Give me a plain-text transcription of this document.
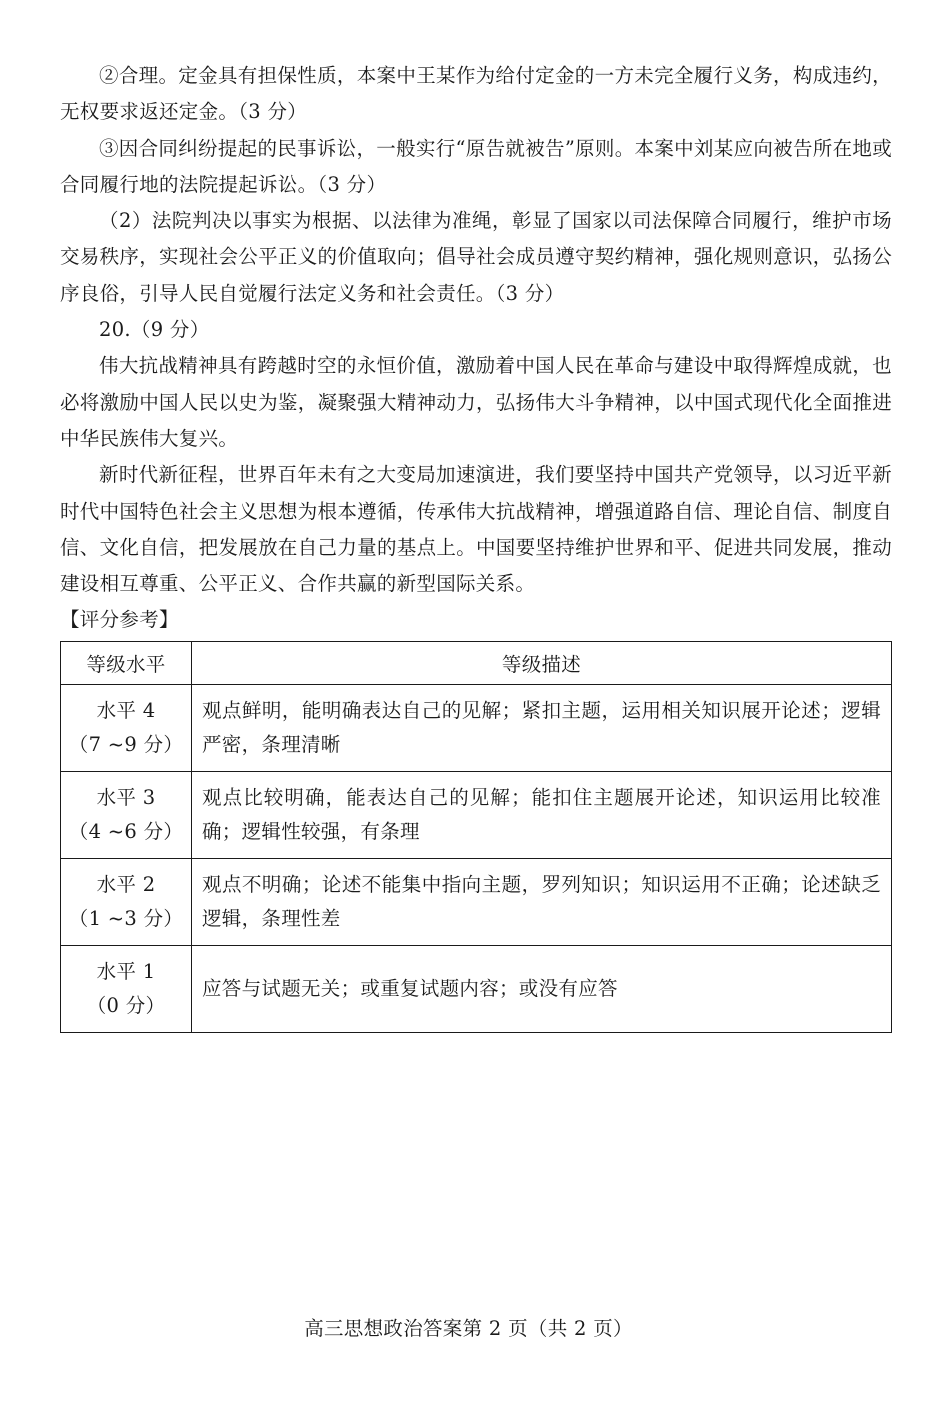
②合理。定金具有担保性质，本案中王某作为给付定金的一方未完全履行义务，构成违约，无权要求返还定金。（3 分）

③因合同纠纷提起的民事诉讼，一般实行“原告就被告”原则。本案中刘某应向被告所在地或合同履行地的法院提起诉讼。（3 分）

（2）法院判决以事实为根据、以法律为准绳，彰显了国家以司法保障合同履行，维护市场交易秩序，实现社会公平正义的价值取向；倡导社会成员遵守契约精神，强化规则意识，弘扬公序良俗，引导人民自觉履行法定义务和社会责任。（3 分）

20.（9 分）

伟大抗战精神具有跨越时空的永恒价值，激励着中国人民在革命与建设中取得辉煌成就，也必将激励中国人民以史为鉴，凝聚强大精神动力，弘扬伟大斗争精神，以中国式现代化全面推进中华民族伟大复兴。

新时代新征程，世界百年未有之大变局加速演进，我们要坚持中国共产党领导，以习近平新时代中国特色社会主义思想为根本遵循，传承伟大抗战精神，增强道路自信、理论自信、制度自信、文化自信，把发展放在自己力量的基点上。中国要坚持维护世界和平、促进共同发展，推动建设相互尊重、公平正义、合作共赢的新型国际关系。

【评分参考】

等级水平	等级描述

水平 4
（7 ~9 分）	观点鲜明，能明确表达自己的见解；紧扣主题，运用相关知识展开论述；逻辑严密，条理清晰

水平 3
（4 ~6 分）	观点比较明确，能表达自己的见解；能扣住主题展开论述，知识运用比较准确；逻辑性较强，有条理

水平 2
（1 ~3 分）	观点不明确；论述不能集中指向主题，罗列知识；知识运用不正确；论述缺乏逻辑，条理性差

水平 1
（0 分）	应答与试题无关；或重复试题内容；或没有应答
高三思想政治答案第 2 页（共 2 页）
